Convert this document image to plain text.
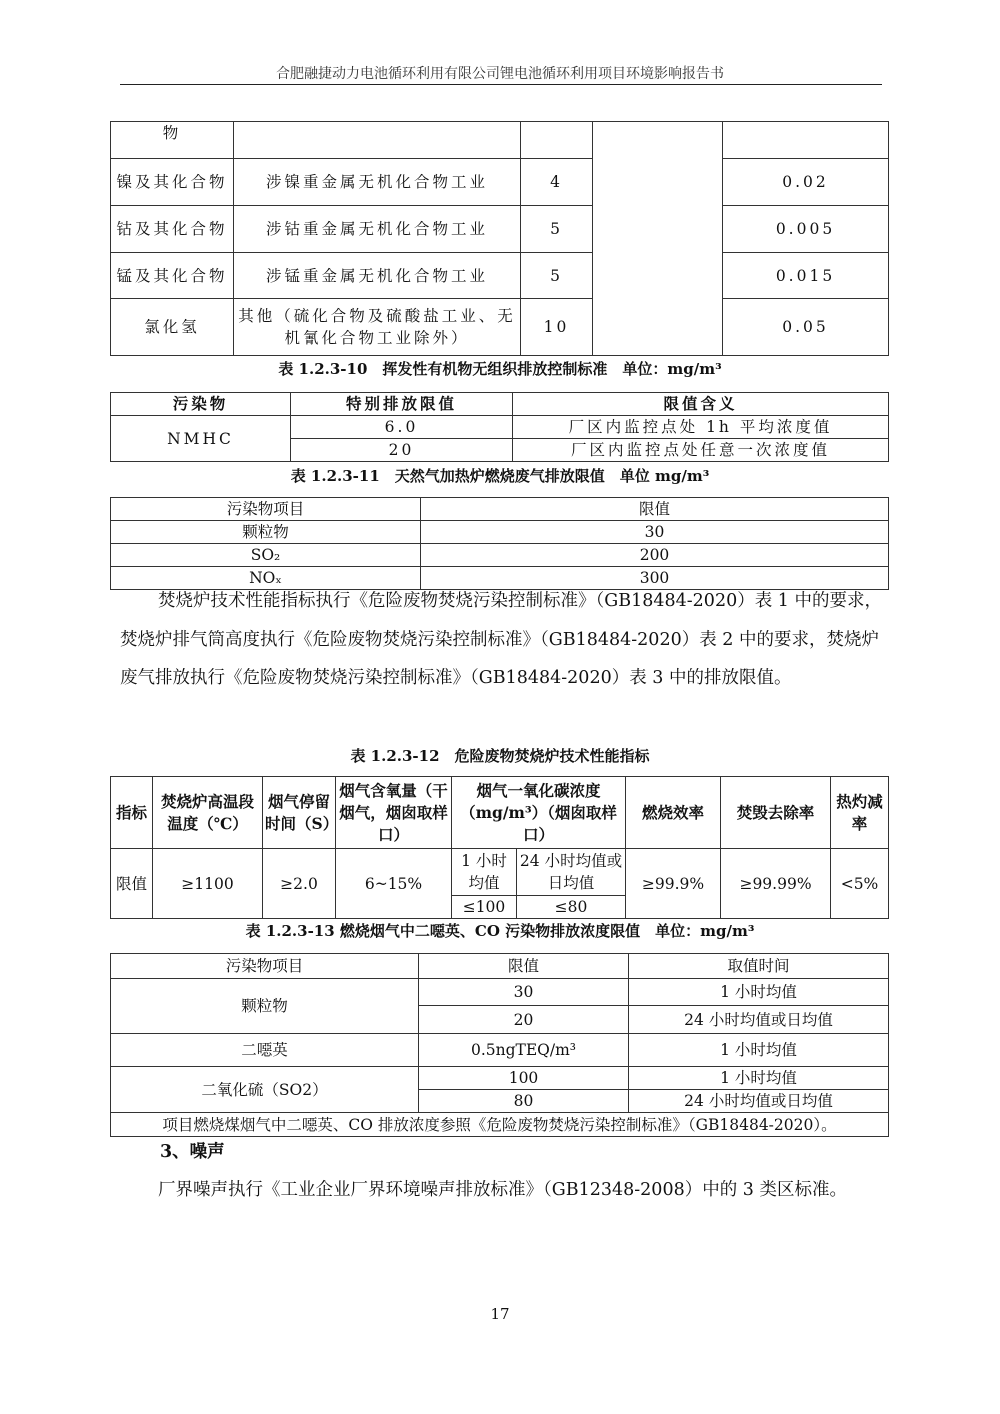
合肥融捷动力电池循环利用有限公司锂电池循环利用项目环境影响报告书
物				
镍及其化合物	涉镍重金属无机化合物工业	4		0.02
钴及其化合物	涉钴重金属无机化合物工业	5		0.005
锰及其化合物	涉锰重金属无机化合物工业	5		0.015
氯化氢	其他（硫化合物及硫酸盐工业、无机氰化合物工业除外）	10		0.05
表 1.2.3-10　挥发性有机物无组织排放控制标准　单位：mg/m³
污染物	特别排放限值	限值含义
NMHC	6.0	厂区内监控点处 1h 平均浓度值
	20	厂区内监控点处任意一次浓度值
表 1.2.3-11　天然气加热炉燃烧废气排放限值　单位 mg/m³
污染物项目	限值
颗粒物	30
SO₂	200
NOₓ	300
焚烧炉技术性能指标执行《危险废物焚烧污染控制标准》（GB18484-2020）表 1 中的要求，焚烧炉排气筒高度执行《危险废物焚烧污染控制标准》（GB18484-2020）表 2 中的要求，焚烧炉废气排放执行《危险废物焚烧污染控制标准》（GB18484-2020）表 3 中的排放限值。
表 1.2.3-12　危险废物焚烧炉技术性能指标
指标	焚烧炉高温段温度（℃）	烟气停留时间（S）	烟气含氧量（干烟气，烟囱取样口）	烟气一氧化碳浓度（mg/m³）（烟囱取样口）		燃烧效率	焚毁去除率	热灼减率
限值	≥1100	≥2.0	6~15%	1 小时均值	24 小时均值或日均值	≥99.9%	≥99.99%	<5%
				≤100	≤80			
表 1.2.3-13 燃烧烟气中二噁英、CO 污染物排放浓度限值　单位：mg/m³
污染物项目	限值	取值时间
颗粒物	30	1 小时均值
	20	24 小时均值或日均值
二噁英	0.5ngTEQ/m³	1 小时均值
二氧化硫（SO2）	100	1 小时均值
	80	24 小时均值或日均值
项目燃烧煤烟气中二噁英、CO 排放浓度参照《危险废物焚烧污染控制标准》（GB18484-2020）。		
3、噪声
厂界噪声执行《工业企业厂界环境噪声排放标准》（GB12348-2008）中的 3 类区标准。
17
